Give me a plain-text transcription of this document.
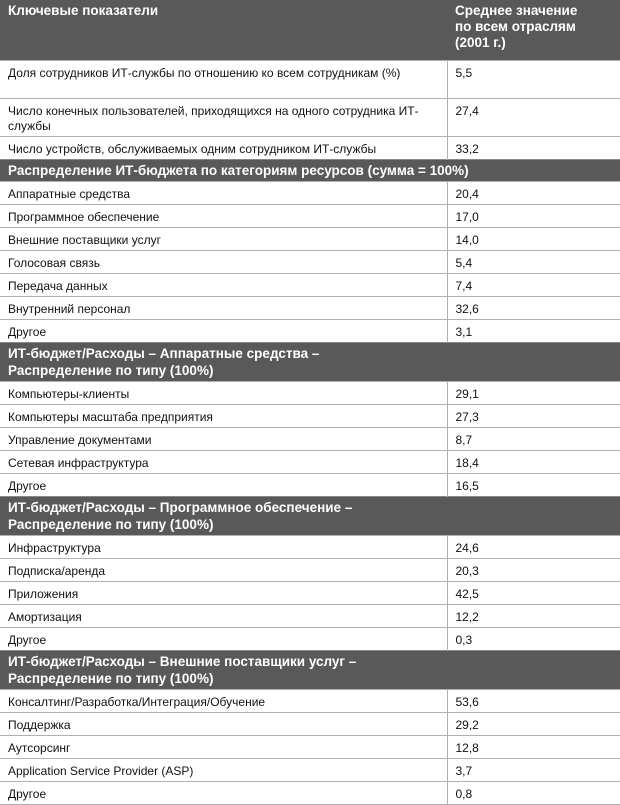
Ключевые показатели	Среднее значение
по всем отраслям
(2001 г.)
Доля сотрудников ИТ-службы по отношению ко всем сотрудникам (%)	5,5
Число конечных пользователей, приходящихся на одного сотрудника ИТ-службы	27,4
Число устройств, обслуживаемых одним сотрудником ИТ-службы	33,2
Распределение ИТ-бюджета по категориям ресурсов (сумма = 100%)	
Аппаратные средства	20,4
Программное обеспечение	17,0
Внешние поставщики услуг	14,0
Голосовая связь	5,4
Передача данных	7,4
Внутренний персонал	32,6
Другое	3,1
ИТ-бюджет/Расходы – Аппаратные средства –
Распределение по типу (100%)	
Компьютеры-клиенты	29,1
Компьютеры масштаба предприятия	27,3
Управление документами	8,7
Сетевая инфраструктура	18,4
Другое	16,5
ИТ-бюджет/Расходы – Программное обеспечение –
Распределение по типу (100%)	
Инфраструктура	24,6
Подписка/аренда	20,3
Приложения	42,5
Амортизация	12,2
Другое	0,3
ИТ-бюджет/Расходы – Внешние поставщики услуг –
Распределение по типу (100%)	
Консалтинг/Разработка/Интеграция/Обучение	53,6
Поддержка	29,2
Аутсорсинг	12,8
Application Service Provider (ASP)	3,7
Другое	0,8
